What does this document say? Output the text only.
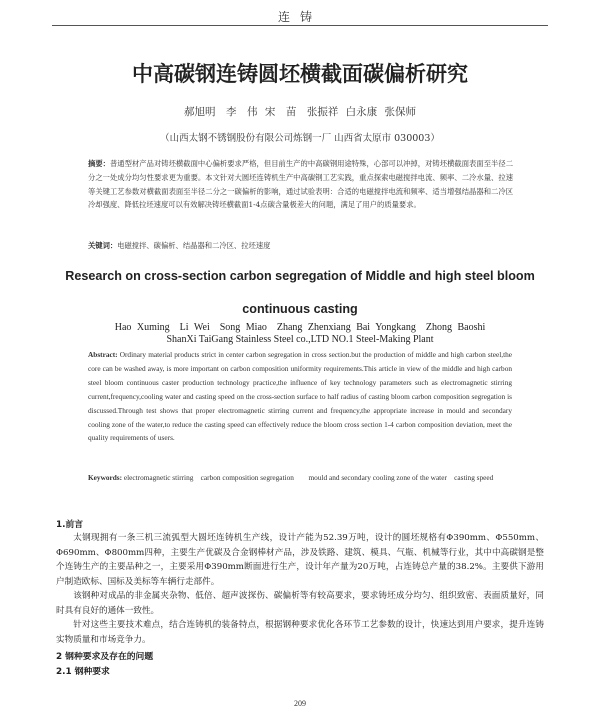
连铸
中高碳钢连铸圆坯横截面碳偏析研究
郝旭明　李　伟 宋　苗　张振祥 白永康 张保师
（山西太钢不锈钢股份有限公司炼钢一厂 山西省太原市 030003）
摘要：普通型材产品对铸坯横截面中心偏析要求严格，但目前生产的中高碳钢用途特殊，心部可以冲掉，对铸坯横截面表面至半径二分之一处成分均匀性要求更为重要。本文针对大圆坯连铸机生产中高碳钢工艺实践，重点探索电磁搅拌电流、频率、二冷水量、拉速等关键工艺参数对横截面表面至半径二分之一碳偏析的影响，通过试验表明：合适的电磁搅拌电流和频率、适当增强结晶器和二冷区冷却强度、降低拉坯速度可以有效解决铸坯横截面1-4点碳含量极差大的问题，满足了用户的质量要求。
关键词：电磁搅拌、碳偏析、结晶器和二冷区、拉坯速度
Research on cross-section carbon segregation of Middle and high steel bloom continuous casting
Hao Xuming　Li Wei　Song Miao　Zhang Zhenxiang Bai Yongkang　Zhong Baoshi
ShanXi TaiGang Stainless Steel co.,LTD NO.1 Steel-Making Plant
Abstract: Ordinary material products strict in center carbon segregation in cross section.but the production of middle and high carbon steel,the core can be washed away, is more important on carbon composition uniformity requirements.This article in view of the middle and high carbon steel bloom continuous caster production technology practice,the influence of key technology parameters such as electromagnetic stirring current,frequency,cooling water and casting speed on the cross-section surface to half radius of casting bloom carbon composition segregation is discussed.Through test shows that proper electromagnetic stirring current and frequency,the appropriate increase in mould and secondary cooling zone of the water,to reduce the casting speed can effectively reduce the bloom cross section 1-4 carbon composition deviation, meet the quality requirements of users.
Keywords: electromagnetic stirring　carbon composition segregation　　mould and secondary cooling zone of the water　casting speed
1.前言

太钢现拥有一条三机三流弧型大圆坯连铸机生产线，设计产能为52.39万吨，设计的圆坯规格有Φ390mm、Φ550mm、Φ690mm、Φ800mm四种，主要生产优碳及合金钢棒材产品，涉及铁路、建筑、模具、气瓶、机械等行业，其中中高碳钢是整个连铸生产的主要品种之一，主要采用Φ390mm断面进行生产，设计年产量为20万吨，占连铸总产量的38.2%。主要供下游用户制造欧标、国标及美标等车辆行走部件。

该钢种对成品的非金属夹杂物、低倍、超声波探伤、碳偏析等有较高要求，要求铸坯成分均匀、组织致密、表面质量好，同时具有良好的通体一致性。

针对这些主要技术难点，结合连铸机的装备特点，根据钢种要求优化各环节工艺参数的设计，快速达到用户要求，提升连铸实物质量和市场竞争力。

2 钢种要求及存在的问题
2.1 钢种要求
209
